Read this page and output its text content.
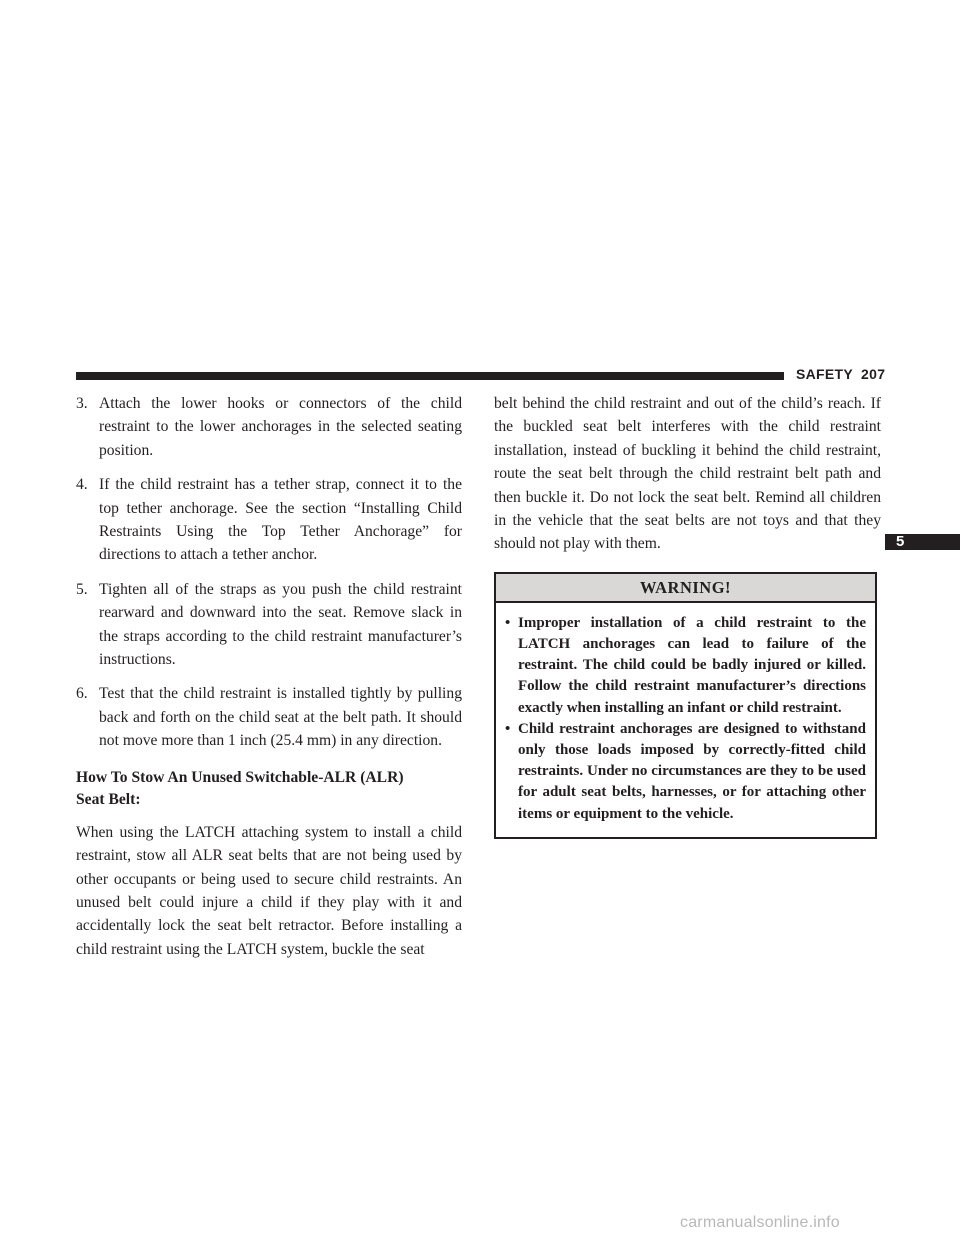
SAFETY 207
5

3. Attach the lower hooks or connectors of the child restraint to the lower anchorages in the selected seating position.

4. If the child restraint has a tether strap, connect it to the top tether anchorage. See the section “Installing Child Restraints Using the Top Tether Anchorage” for directions to attach a tether anchor.

5. Tighten all of the straps as you push the child restraint rearward and downward into the seat. Remove slack in the straps according to the child restraint manufacturer’s instructions.

6. Test that the child restraint is installed tightly by pulling back and forth on the child seat at the belt path. It should not move more than 1 inch (25.4 mm) in any direction.

How To Stow An Unused Switchable-ALR (ALR)
Seat Belt:

When using the LATCH attaching system to install a child restraint, stow all ALR seat belts that are not being used by other occupants or being used to secure child restraints. An unused belt could injure a child if they play with it and accidentally lock the seat belt retractor. Before installing a child restraint using the LATCH system, buckle the seat

belt behind the child restraint and out of the child’s reach. If the buckled seat belt interferes with the child restraint installation, instead of buckling it behind the child restraint, route the seat belt through the child restraint belt path and then buckle it. Do not lock the seat belt. Remind all children in the vehicle that the seat belts are not toys and that they should not play with them.

WARNING!

• Improper installation of a child restraint to the LATCH anchorages can lead to failure of the restraint. The child could be badly injured or killed. Follow the child restraint manufacturer’s directions exactly when installing an infant or child restraint.

• Child restraint anchorages are designed to withstand only those loads imposed by correctly-fitted child restraints. Under no circumstances are they to be used for adult seat belts, harnesses, or for attaching other items or equipment to the vehicle.

carmanualsonline.info
